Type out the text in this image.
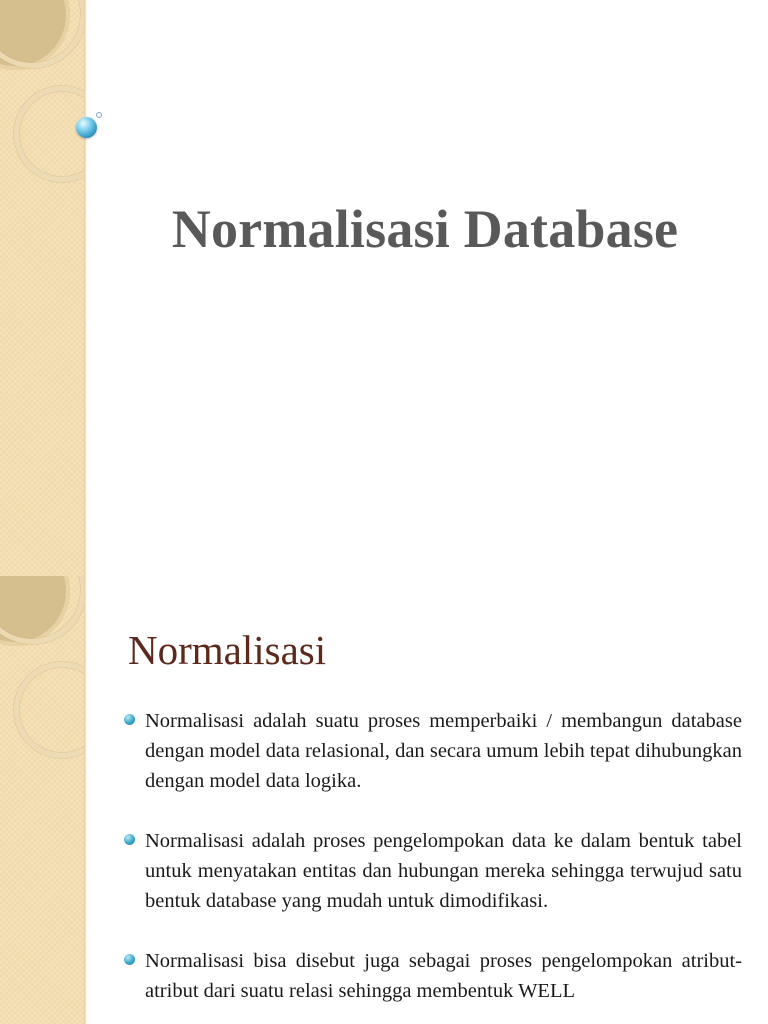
Normalisasi Database
Normalisasi
Normalisasi adalah suatu proses memperbaiki / membangun database dengan model data relasional, dan secara umum lebih tepat dihubungkan dengan model data logika.
Normalisasi adalah proses pengelompokan data ke dalam bentuk tabel untuk menyatakan entitas dan hubungan mereka sehingga terwujud satu bentuk database yang mudah untuk dimodifikasi.
Normalisasi bisa disebut juga sebagai proses pengelompokan atribut-atribut dari suatu relasi sehingga membentuk WELL
